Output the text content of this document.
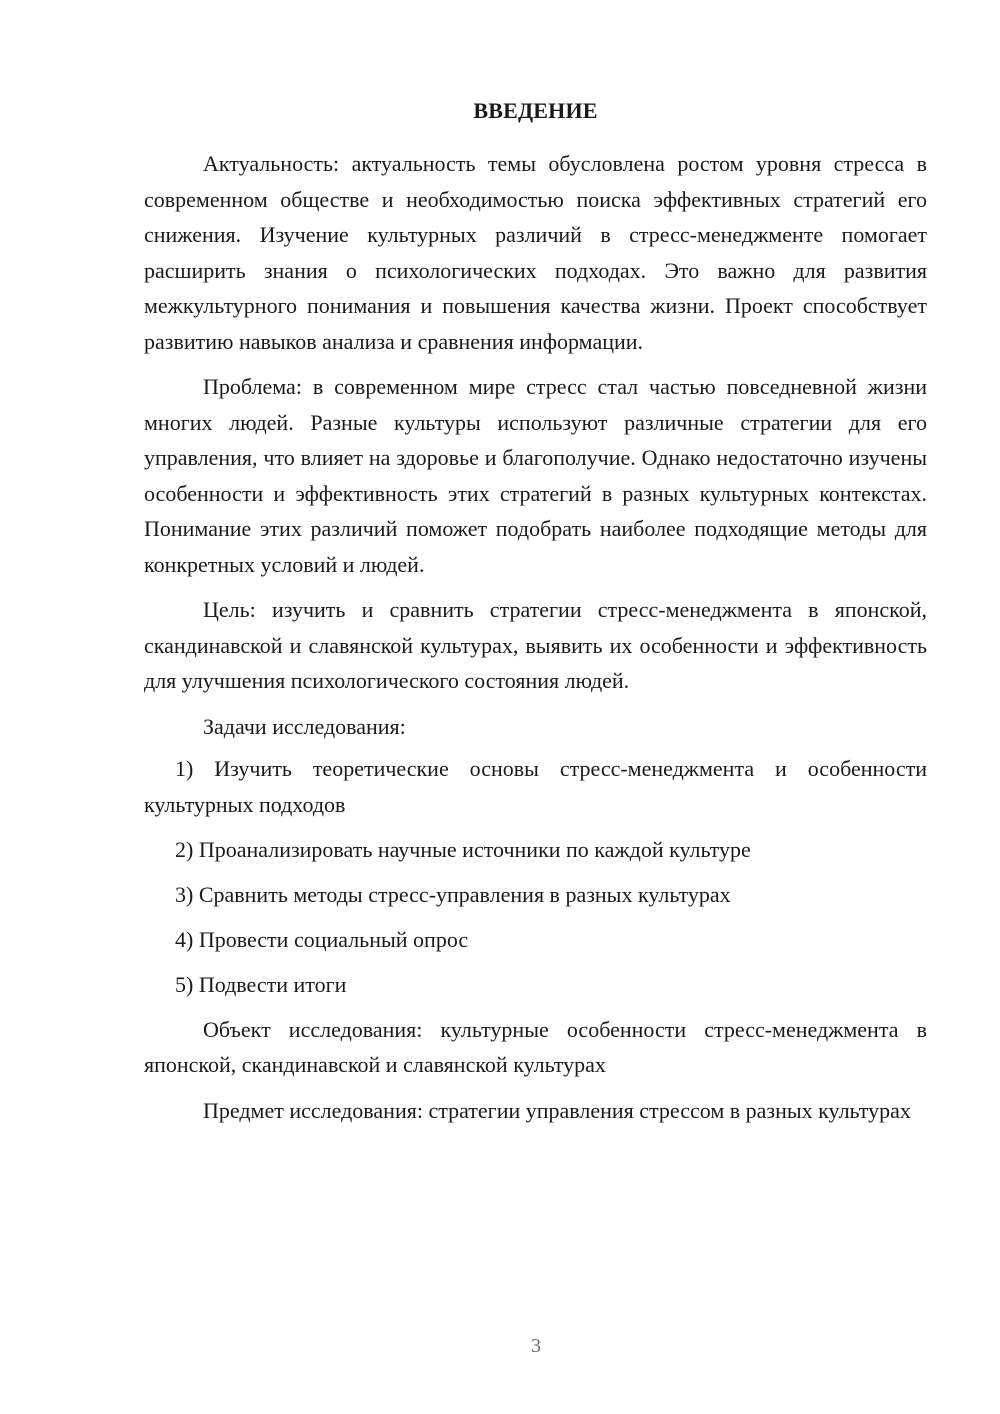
ВВЕДЕНИЕ

Актуальность: актуальность темы обусловлена ростом уровня стресса в современном обществе и необходимостью поиска эффективных стратегий его снижения. Изучение культурных различий в стресс-менеджменте помогает расширить знания о психологических подходах. Это важно для развития межкультурного понимания и повышения качества жизни. Проект способствует развитию навыков анализа и сравнения информации.

Проблема: в современном мире стресс стал частью повседневной жизни многих людей. Разные культуры используют различные стратегии для его управления, что влияет на здоровье и благополучие. Однако недостаточно изучены особенности и эффективность этих стратегий в разных культурных контекстах. Понимание этих различий поможет подобрать наиболее подходящие методы для конкретных условий и людей.

Цель: изучить и сравнить стратегии стресс-менеджмента в японской, скандинавской и славянской культурах, выявить их особенности и эффективность для улучшения психологического состояния людей.

Задачи исследования:

1) Изучить теоретические основы стресс-менеджмента и особенности культурных подходов

2) Проанализировать научные источники по каждой культуре

3) Сравнить методы стресс-управления в разных культурах

4) Провести социальный опрос

5) Подвести итоги

Объект исследования: культурные особенности стресс-менеджмента в японской, скандинавской и славянской культурах

Предмет исследования: стратегии управления стрессом в разных культурах

3
